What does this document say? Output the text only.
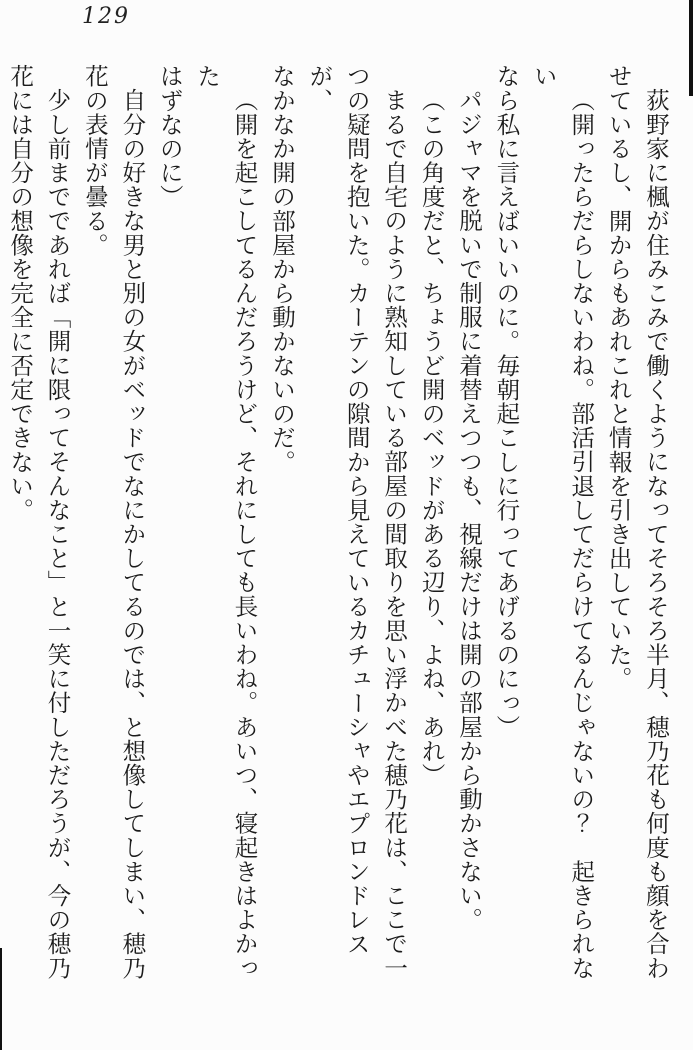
129
荻野家に楓が住みこみで働くようになってそろそろ半月、穂乃花も何度も顔を合わ
せているし、開からもあれこれと情報を引き出していた。
（開ったらだらしないわね。部活引退してだらけてるんじゃないの？　起きられない
なら私に言えばいいのに。毎朝起こしに行ってあげるのにっ）
パジャマを脱いで制服に着替えつつも、視線だけは開の部屋から動かさない。
（この角度だと、ちょうど開のベッドがある辺り、よね、あれ）
まるで自宅のように熟知している部屋の間取りを思い浮かべた穂乃花は、ここで一
つの疑問を抱いた。カーテンの隙間から見えているカチューシャやエプロンドレスが、
なかなか開の部屋から動かないのだ。
（開を起こしてるんだろうけど、それにしても長いわね。あいつ、寝起きはよかった
はずなのに）
自分の好きな男と別の女がベッドでなにかしてるのでは、と想像してしまい、穂乃
花の表情が曇る。
少し前までであれば「開に限ってそんなこと」と一笑に付しただろうが、今の穂乃
花には自分の想像を完全に否定できない。
